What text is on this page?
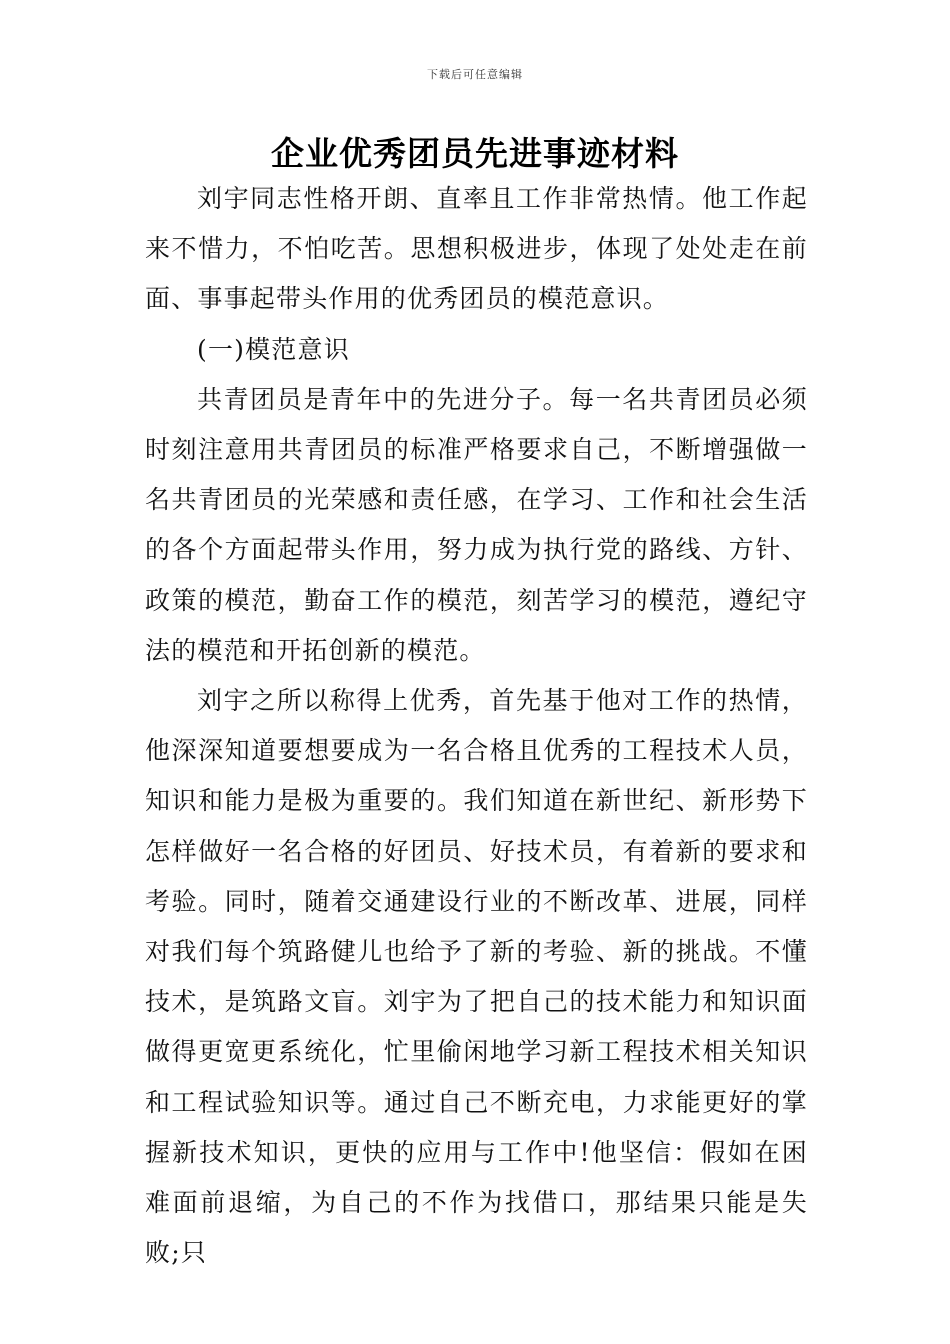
下载后可任意编辑
企业优秀团员先进事迹材料

刘宇同志性格开朗、直率且工作非常热情。他工作起来不惜力，不怕吃苦。思想积极进步，体现了处处走在前面、事事起带头作用的优秀团员的模范意识。

(一)模范意识

共青团员是青年中的先进分子。每一名共青团员必须时刻注意用共青团员的标准严格要求自己，不断增强做一名共青团员的光荣感和责任感，在学习、工作和社会生活的各个方面起带头作用，努力成为执行党的路线、方针、政策的模范，勤奋工作的模范，刻苦学习的模范，遵纪守法的模范和开拓创新的模范。

刘宇之所以称得上优秀，首先基于他对工作的热情，他深深知道要想要成为一名合格且优秀的工程技术人员，知识和能力是极为重要的。我们知道在新世纪、新形势下怎样做好一名合格的好团员、好技术员，有着新的要求和考验。同时，随着交通建设行业的不断改革、进展，同样对我们每个筑路健儿也给予了新的考验、新的挑战。不懂技术，是筑路文盲。刘宇为了把自己的技术能力和知识面做得更宽更系统化，忙里偷闲地学习新工程技术相关知识和工程试验知识等。通过自己不断充电，力求能更好的掌握新技术知识，更快的应用与工作中!他坚信：假如在困难面前退缩，为自己的不作为找借口，那结果只能是失败;只
